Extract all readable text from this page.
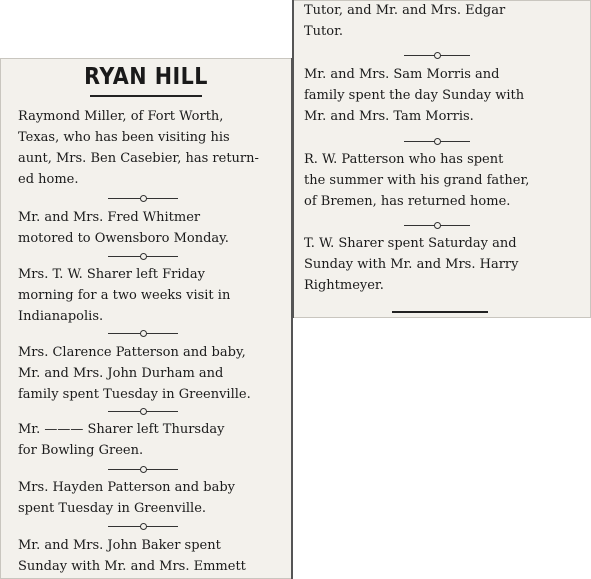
RYAN HILL

Raymond Miller, of Fort Worth,
Texas, who has been visiting his
aunt, Mrs. Ben Casebier, has return-
ed home.

Mr. and Mrs. Fred Whitmer
motored to Owensboro Monday.

Mrs. T. W. Sharer left Friday
morning for a two weeks visit in
Indianapolis.

Mrs. Clarence Patterson and baby,
Mr. and Mrs. John Durham and
family spent Tuesday in Greenville.

Mr. ——— Sharer left Thursday
for Bowling Green.

Mrs. Hayden Patterson and baby
spent Tuesday in Greenville.

Mr. and Mrs. John Baker spent
Sunday with Mr. and Mrs. Emmett

Tutor, and Mr. and Mrs. Edgar
Tutor.

Mr. and Mrs. Sam Morris and
family spent the day Sunday with
Mr. and Mrs. Tam Morris.

R. W. Patterson who has spent
the summer with his grand father,
of Bremen, has returned home.

T. W. Sharer spent Saturday and
Sunday with Mr. and Mrs. Harry
Rightmeyer.
